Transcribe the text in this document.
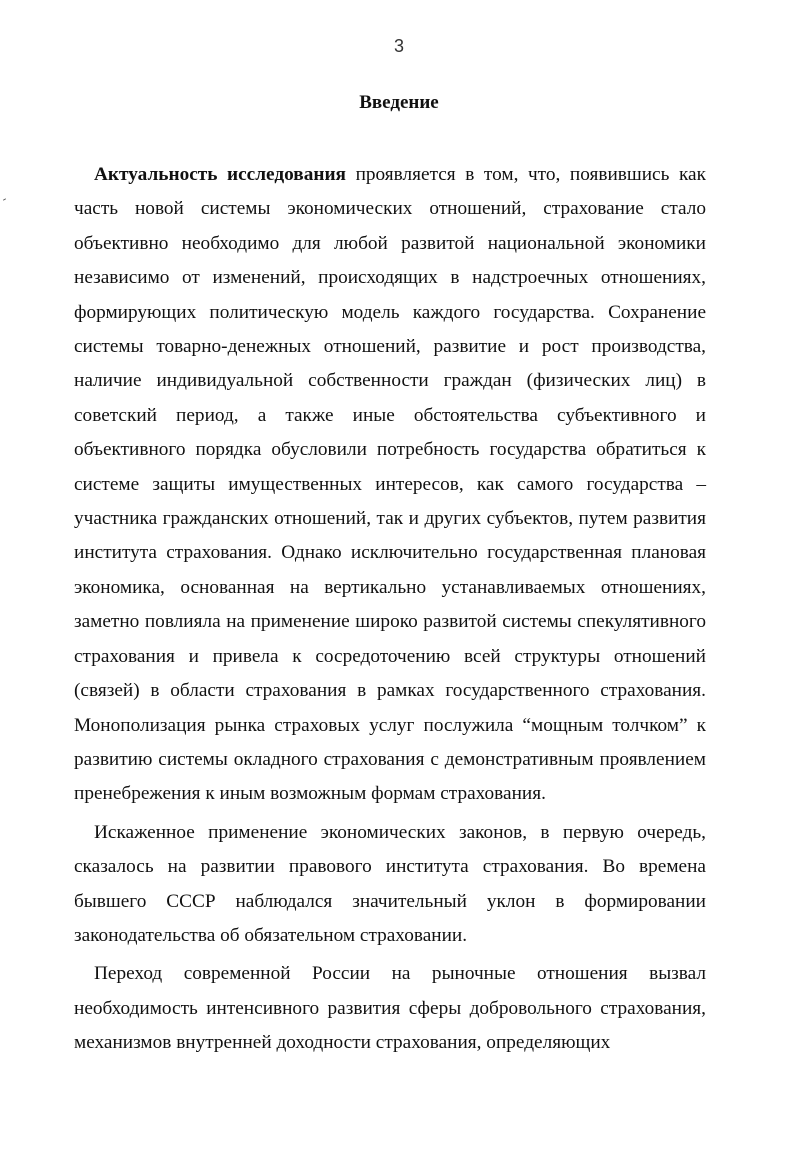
3

Введение

Актуальность исследования проявляется в том, что, появившись как часть новой системы экономических отношений, страхование стало объективно необходимо для любой развитой национальной экономики независимо от изменений, происходящих в надстроечных отношениях, формирующих политическую модель каждого государства. Сохранение системы товарно-денежных отношений, развитие и рост производства, наличие индивидуальной собственности граждан (физических лиц) в советский период, а также иные обстоятельства субъективного и объективного порядка обусловили потребность государства обратиться к системе защиты имущественных интересов, как самого государства – участника гражданских отношений, так и других субъектов, путем развития института страхования. Однако исключительно государственная плановая экономика, основанная на вертикально устанавливаемых отношениях, заметно повлияла на применение широко развитой системы спекулятивного страхования и привела к сосредоточению всей структуры отношений (связей) в области страхования в рамках государственного страхования. Монополизация рынка страховых услуг послужила “мощным толчком” к развитию системы окладного страхования с демонстративным проявлением пренебрежения к иным возможным формам страхования.

Искаженное применение экономических законов, в первую очередь, сказалось на развитии правового института страхования. Во времена бывшего СССР наблюдался значительный уклон в формировании законодательства об обязательном страховании.

Переход современной России на рыночные отношения вызвал необходимость интенсивного развития сферы добровольного страхования, механизмов внутренней доходности страхования, определяющих
